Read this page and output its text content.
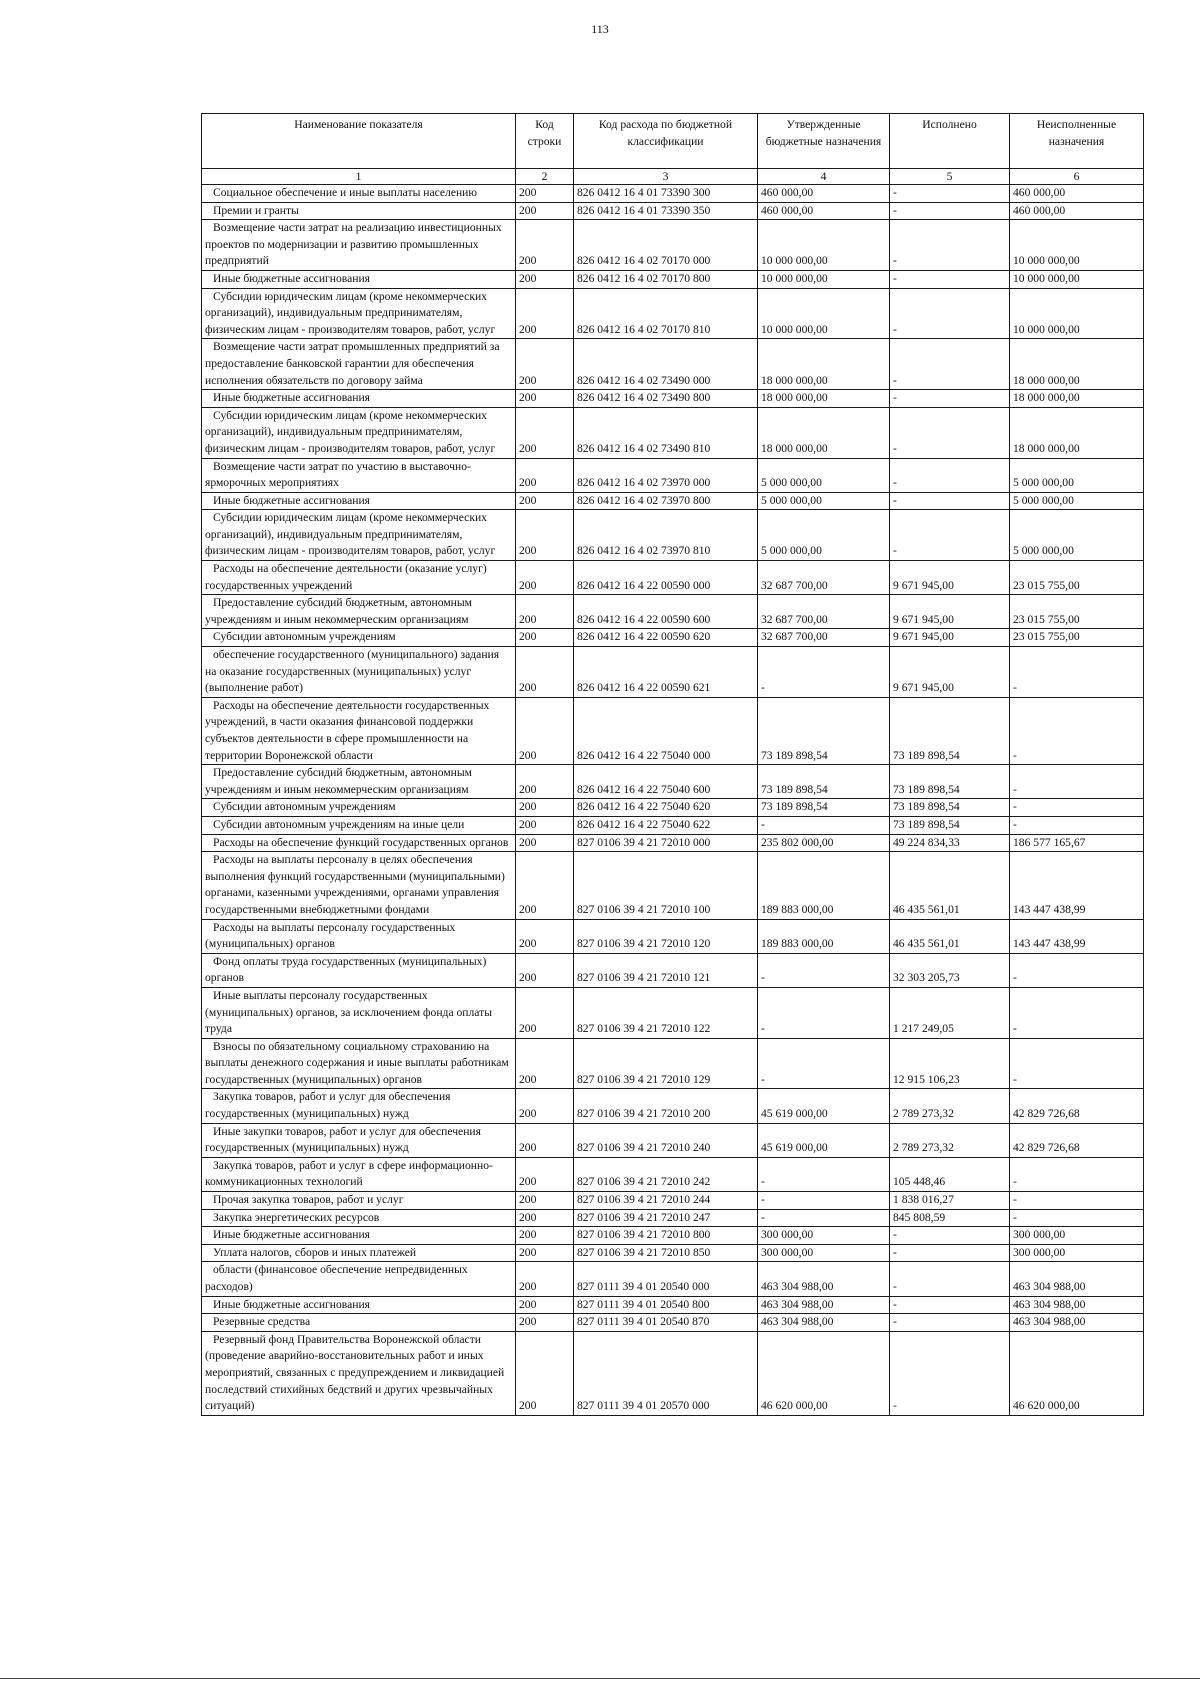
113
Наименование показателя	Код строки	Код расхода по бюджетной классификации	Утвержденные бюджетные назначения	Исполнено	Неисполненные назначения
1	2	3	4	5	6
Социальное обеспечение и иные выплаты населению	200	826 0412 16 4 01 73390 300	460 000,00	-	460 000,00
Премии и гранты	200	826 0412 16 4 01 73390 350	460 000,00	-	460 000,00
Возмещение части затрат на реализацию инвестиционных проектов по модернизации и развитию промышленных предприятий	200	826 0412 16 4 02 70170 000	10 000 000,00	-	10 000 000,00
Иные бюджетные ассигнования	200	826 0412 16 4 02 70170 800	10 000 000,00	-	10 000 000,00
Субсидии юридическим лицам (кроме некоммерческих организаций), индивидуальным предпринимателям, физическим лицам - производителям товаров, работ, услуг	200	826 0412 16 4 02 70170 810	10 000 000,00	-	10 000 000,00
Возмещение части затрат промышленных предприятий за предоставление банковской гарантии для обеспечения исполнения обязательств по договору займа	200	826 0412 16 4 02 73490 000	18 000 000,00	-	18 000 000,00
Иные бюджетные ассигнования	200	826 0412 16 4 02 73490 800	18 000 000,00	-	18 000 000,00
Субсидии юридическим лицам (кроме некоммерческих организаций), индивидуальным предпринимателям, физическим лицам - производителям товаров, работ, услуг	200	826 0412 16 4 02 73490 810	18 000 000,00	-	18 000 000,00
Возмещение части затрат по участию в выставочно-ярморочных мероприятиях	200	826 0412 16 4 02 73970 000	5 000 000,00	-	5 000 000,00
Иные бюджетные ассигнования	200	826 0412 16 4 02 73970 800	5 000 000,00	-	5 000 000,00
Субсидии юридическим лицам (кроме некоммерческих организаций), индивидуальным предпринимателям, физическим лицам - производителям товаров, работ, услуг	200	826 0412 16 4 02 73970 810	5 000 000,00	-	5 000 000,00
Расходы на обеспечение деятельности (оказание услуг) государственных учреждений	200	826 0412 16 4 22 00590 000	32 687 700,00	9 671 945,00	23 015 755,00
Предоставление субсидий бюджетным, автономным учреждениям и иным некоммерческим организациям	200	826 0412 16 4 22 00590 600	32 687 700,00	9 671 945,00	23 015 755,00
Субсидии автономным учреждениям	200	826 0412 16 4 22 00590 620	32 687 700,00	9 671 945,00	23 015 755,00
обеспечение государственного (муниципального) задания на оказание государственных (муниципальных) услуг (выполнение работ)	200	826 0412 16 4 22 00590 621	-	9 671 945,00	-
Расходы на обеспечение деятельности государственных учреждений, в части оказания финансовой поддержки субъектов деятельности в сфере промышленности на территории Воронежской области	200	826 0412 16 4 22 75040 000	73 189 898,54	73 189 898,54	-
Предоставление субсидий бюджетным, автономным учреждениям и иным некоммерческим организациям	200	826 0412 16 4 22 75040 600	73 189 898,54	73 189 898,54	-
Субсидии автономным учреждениям	200	826 0412 16 4 22 75040 620	73 189 898,54	73 189 898,54	-
Субсидии автономным учреждениям на иные цели	200	826 0412 16 4 22 75040 622	-	73 189 898,54	-
Расходы на обеспечение функций государственных органов	200	827 0106 39 4 21 72010 000	235 802 000,00	49 224 834,33	186 577 165,67
Расходы на выплаты персоналу в целях обеспечения выполнения функций государственными (муниципальными) органами, казенными учреждениями, органами управления государственными внебюджетными фондами	200	827 0106 39 4 21 72010 100	189 883 000,00	46 435 561,01	143 447 438,99
Расходы на выплаты персоналу государственных (муниципальных) органов	200	827 0106 39 4 21 72010 120	189 883 000,00	46 435 561,01	143 447 438,99
Фонд оплаты труда государственных (муниципальных) органов	200	827 0106 39 4 21 72010 121	-	32 303 205,73	-
Иные выплаты персоналу государственных (муниципальных) органов, за исключением фонда оплаты труда	200	827 0106 39 4 21 72010 122	-	1 217 249,05	-
Взносы по обязательному социальному страхованию на выплаты денежного содержания и иные выплаты работникам государственных (муниципальных) органов	200	827 0106 39 4 21 72010 129	-	12 915 106,23	-
Закупка товаров, работ и услуг для обеспечения государственных (муниципальных) нужд	200	827 0106 39 4 21 72010 200	45 619 000,00	2 789 273,32	42 829 726,68
Иные закупки товаров, работ и услуг для обеспечения государственных (муниципальных) нужд	200	827 0106 39 4 21 72010 240	45 619 000,00	2 789 273,32	42 829 726,68
Закупка товаров, работ и услуг в сфере информационно-коммуникационных технологий	200	827 0106 39 4 21 72010 242	-	105 448,46	-
Прочая закупка товаров, работ и услуг	200	827 0106 39 4 21 72010 244	-	1 838 016,27	-
Закупка энергетических ресурсов	200	827 0106 39 4 21 72010 247	-	845 808,59	-
Иные бюджетные ассигнования	200	827 0106 39 4 21 72010 800	300 000,00	-	300 000,00
Уплата налогов, сборов и иных платежей	200	827 0106 39 4 21 72010 850	300 000,00	-	300 000,00
области (финансовое обеспечение непредвиденных расходов)	200	827 0111 39 4 01 20540 000	463 304 988,00	-	463 304 988,00
Иные бюджетные ассигнования	200	827 0111 39 4 01 20540 800	463 304 988,00	-	463 304 988,00
Резервные средства	200	827 0111 39 4 01 20540 870	463 304 988,00	-	463 304 988,00
Резервный фонд Правительства Воронежской области (проведение аварийно-восстановительных работ и иных мероприятий, связанных с предупреждением и ликвидацией последствий стихийных бедствий и других чрезвычайных ситуаций)	200	827 0111 39 4 01 20570 000	46 620 000,00	-	46 620 000,00
